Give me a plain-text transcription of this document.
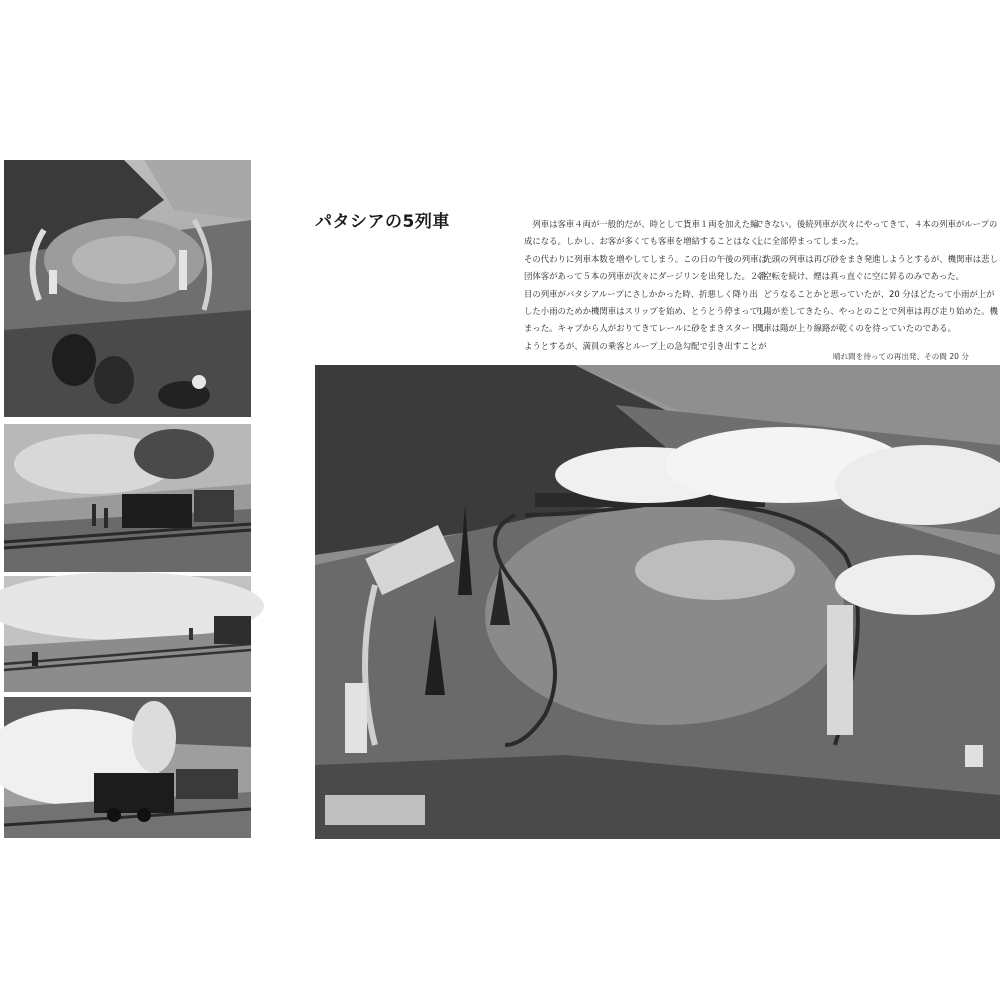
パタシアの5列車	　列車は客車４両が一般的だが、時として貨車１両を加えた編
成になる。しかし、お客が多くても客車を増結することはなく、
その代わりに列車本数を増やしてしまう。この日の午後の列車は
団体客があって５本の列車が次々にダージリンを出発した。２番
目の列車がバタシアループにさしかかった時、折悪しく降り出
した小雨のためか機関車はスリップを始め、とうとう停まってし
まった。キャブから人がおりてきてレールに砂をまきスタートし
ようとするが、満員の乗客とループ上の急勾配で引き出すことが
できない。後続列車が次々にやってきて、４本の列車がループの
上に全部停まってしまった。
　先頭の列車は再び砂をまき発進しようとするが、機関車は悲し
く空転を続け、煙は真っ直ぐに空に昇るのみであった。
　どうなることかと思っていたが、20 分ほどたって小雨が上が
り陽が差してきたら、やっとのことで列車は再び走り始めた。機
関車は陽が上り線路が乾くのを待っていたのである。
晴れ間を待っての再出発、その間 20 分
